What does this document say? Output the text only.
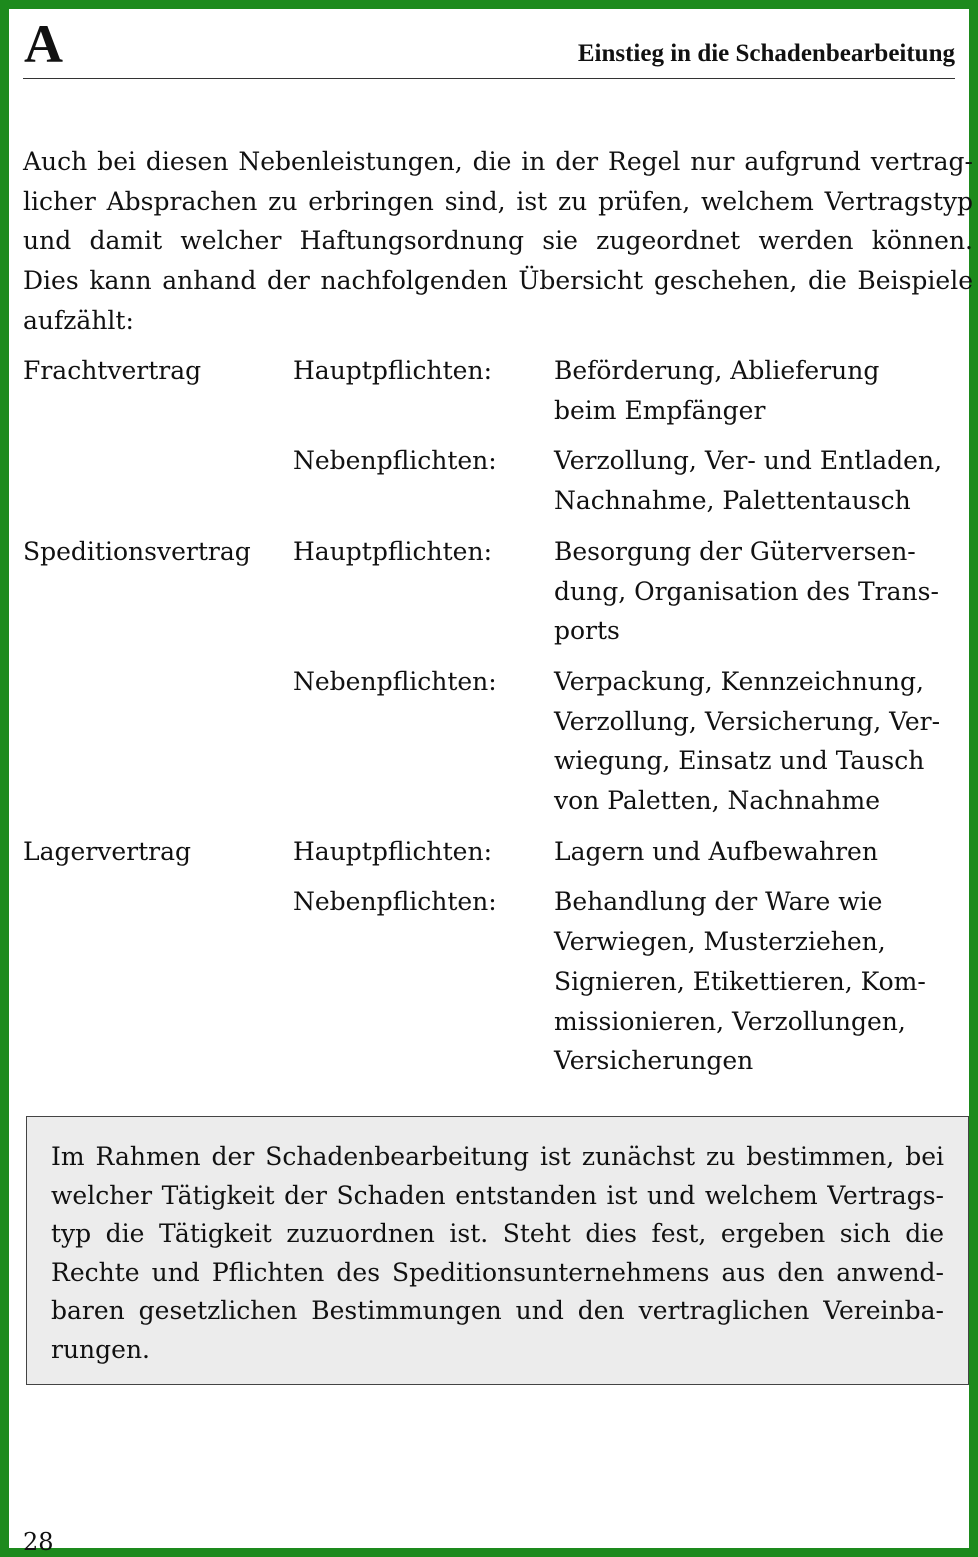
A	Einstieg in die Schadenbearbeitung
Auch bei diesen Nebenleistungen, die in der Regel nur aufgrund vertrag-
licher Absprachen zu erbringen sind, ist zu prüfen, welchem Vertragstyp
und damit welcher Haftungsordnung sie zugeordnet werden können.
Dies kann anhand der nachfolgenden Übersicht geschehen, die Beispiele
aufzählt:
Frachtvertrag	Hauptpflichten: Beförderung, Ablieferung
beim Empfänger
Nebenpflichten: Verzollung, Ver- und Entladen,
Nachnahme, Palettentausch
Speditionsvertrag Hauptpflichten: Besorgung der Güterversen-
dung, Organisation des Trans-
ports
Nebenpflichten: Verpackung, Kennzeichnung,
Verzollung, Versicherung, Ver-
wiegung, Einsatz und Tausch
von Paletten, Nachnahme
Lagervertrag	Hauptpflichten: Lagern und Aufbewahren
Nebenpflichten: Behandlung der Ware wie
Verwiegen, Musterziehen,
Signieren, Etikettieren, Kom-
missionieren, Verzollungen,
Versicherungen
Im Rahmen der Schadenbearbeitung ist zunächst zu bestimmen, bei
welcher Tätigkeit der Schaden entstanden ist und welchem Vertrags-
typ die Tätigkeit zuzuordnen ist. Steht dies fest, ergeben sich die
Rechte und Pflichten des Speditionsunternehmens aus den anwend-
baren gesetzlichen Bestimmungen und den vertraglichen Vereinba-
rungen.
28
